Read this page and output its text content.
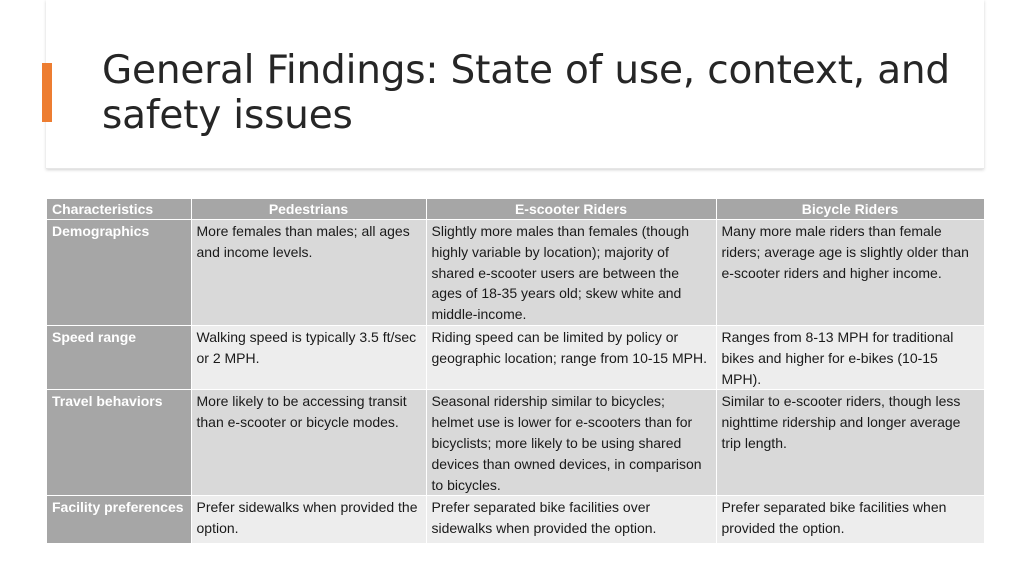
General Findings: State of use, context, and safety issues
Characteristics	Pedestrians	E-scooter Riders	Bicycle Riders
Demographics	More females than males; all ages and income levels.	Slightly more males than females (though highly variable by location); majority of shared e-scooter users are between the ages of 18-35 years old; skew white and middle-income.	Many more male riders than female riders; average age is slightly older than e-scooter riders and higher income.
Speed range	Walking speed is typically 3.5 ft/sec or 2 MPH.	Riding speed can be limited by policy or geographic location; range from 10-15 MPH.	Ranges from 8-13 MPH for traditional bikes and higher for e-bikes (10-15 MPH).
Travel behaviors	More likely to be accessing transit than e-scooter or bicycle modes.	Seasonal ridership similar to bicycles; helmet use is lower for e-scooters than for bicyclists; more likely to be using shared devices than owned devices, in comparison to bicycles.	Similar to e-scooter riders, though less nighttime ridership and longer average trip length.
Facility preferences	Prefer sidewalks when provided the option.	Prefer separated bike facilities over sidewalks when provided the option.	Prefer separated bike facilities when provided the option.
